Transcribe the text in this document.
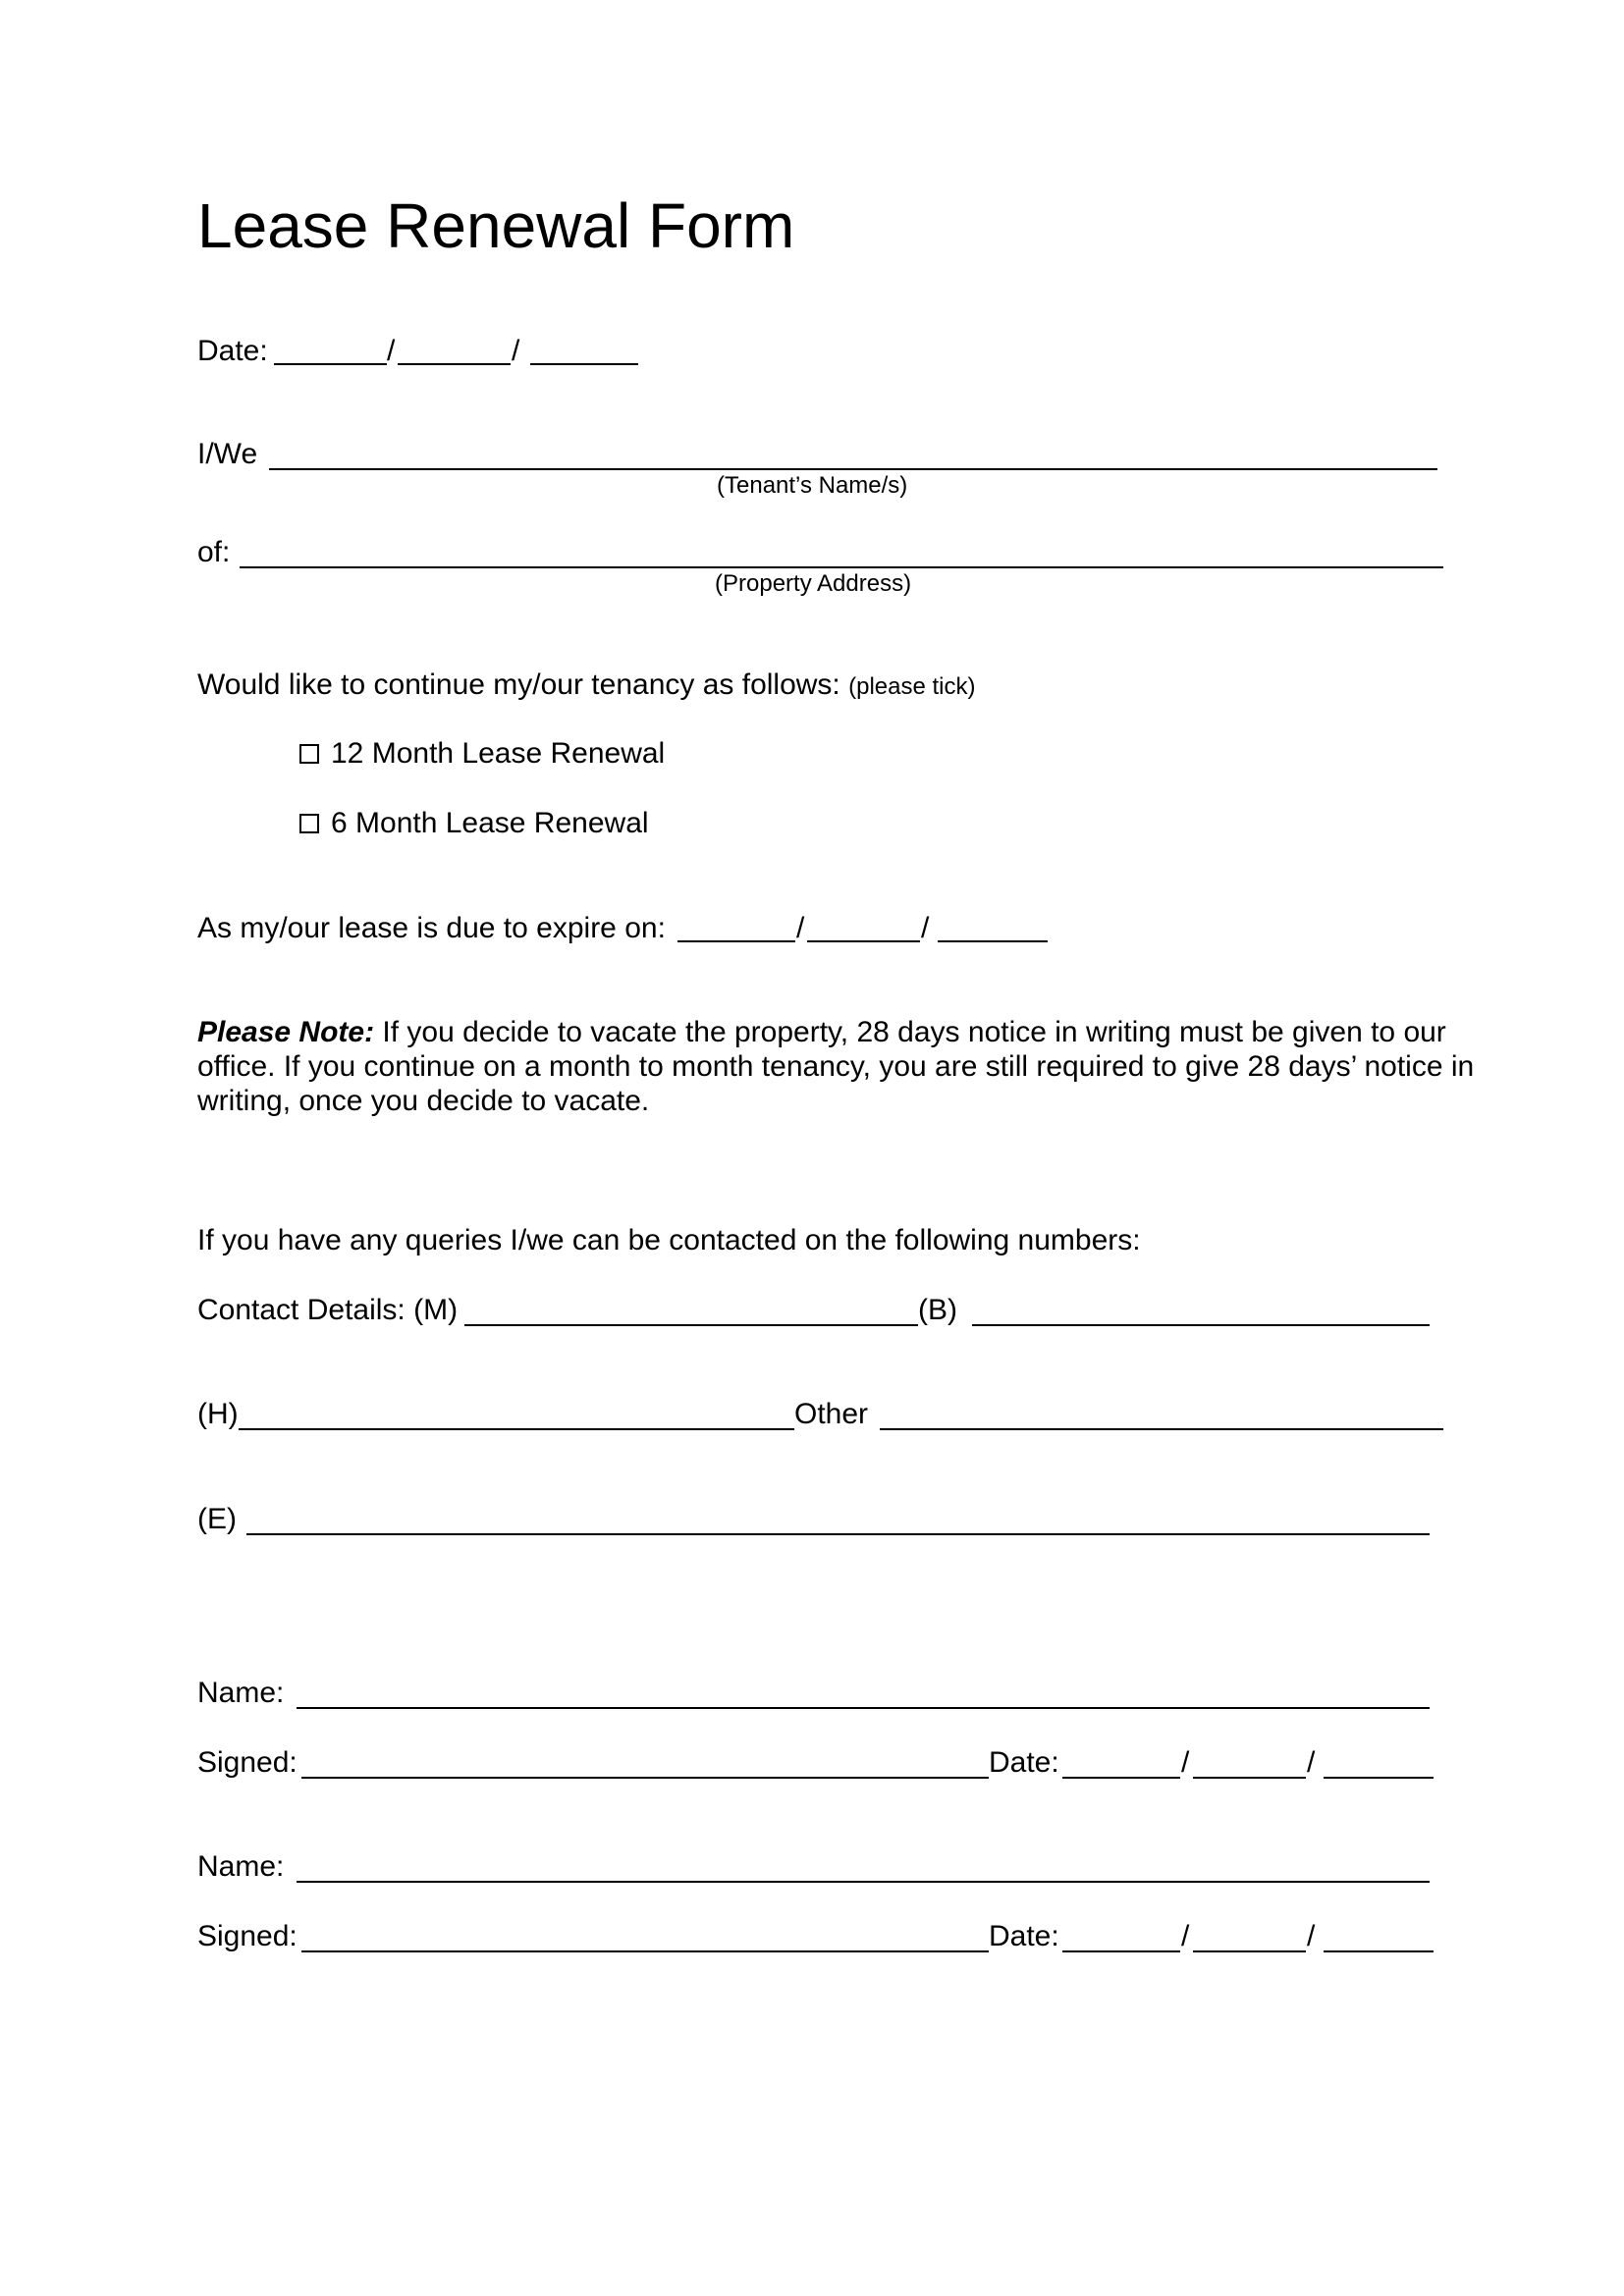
Lease Renewal Form
Date:	/	/
I/We
(Tenant’s Name/s)
of:
(Property Address)
Would like to continue my/our tenancy as follows: (please tick)
12 Month Lease Renewal
6 Month Lease Renewal
As my/our lease is due to expire on:	/	/
Please Note: If you decide to vacate the property, 28 days notice in writing must be given to our office. If you continue on a month to month tenancy, you are still required to give 28 days’ notice in writing, once you decide to vacate.
If you have any queries I/we can be contacted on the following numbers:
Contact Details: (M)	(B)
(H)	Other
(E)
Name:
Signed:	Date:	/	/
Name:
Signed:	Date:	/	/
